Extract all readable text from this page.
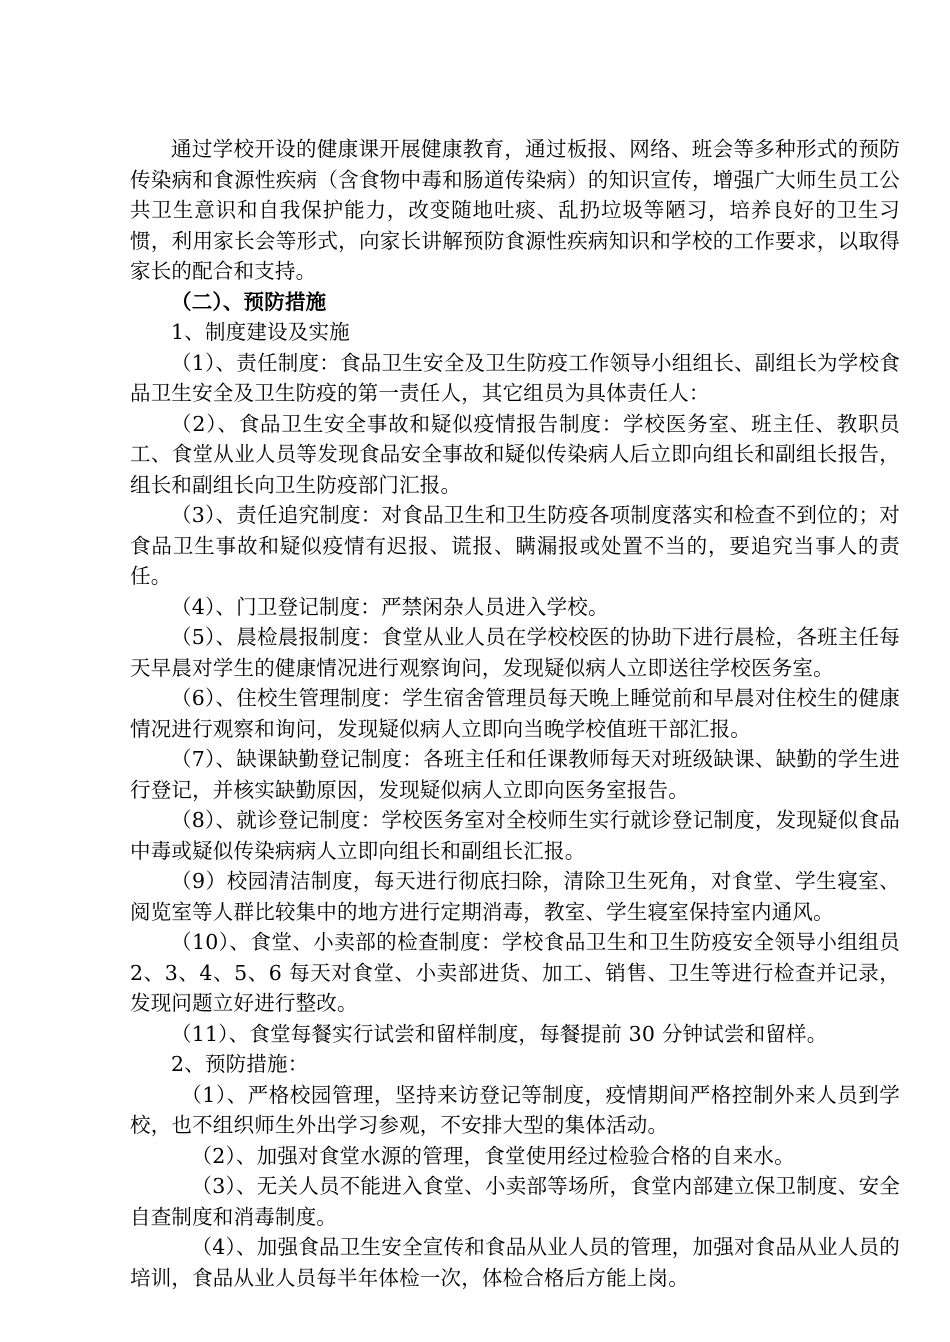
通过学校开设的健康课开展健康教育，通过板报、网络、班会等多种形式的预防传染病和食源性疾病（含食物中毒和肠道传染病）的知识宣传，增强广大师生员工公共卫生意识和自我保护能力，改变随地吐痰、乱扔垃圾等陋习，培养良好的卫生习惯，利用家长会等形式，向家长讲解预防食源性疾病知识和学校的工作要求，以取得家长的配合和支持。

（二）、预防措施

1、制度建设及实施

（1）、责任制度：食品卫生安全及卫生防疫工作领导小组组长、副组长为学校食品卫生安全及卫生防疫的第一责任人，其它组员为具体责任人：

（2）、食品卫生安全事故和疑似疫情报告制度：学校医务室、班主任、教职员工、食堂从业人员等发现食品安全事故和疑似传染病人后立即向组长和副组长报告，组长和副组长向卫生防疫部门汇报。

（3）、责任追究制度：对食品卫生和卫生防疫各项制度落实和检查不到位的；对食品卫生事故和疑似疫情有迟报、谎报、瞒漏报或处置不当的，要追究当事人的责任。

（4）、门卫登记制度：严禁闲杂人员进入学校。

（5）、晨检晨报制度：食堂从业人员在学校校医的协助下进行晨检，各班主任每天早晨对学生的健康情况进行观察询问，发现疑似病人立即送往学校医务室。

（6）、住校生管理制度：学生宿舍管理员每天晚上睡觉前和早晨对住校生的健康情况进行观察和询问，发现疑似病人立即向当晚学校值班干部汇报。

（7）、缺课缺勤登记制度：各班主任和任课教师每天对班级缺课、缺勤的学生进行登记，并核实缺勤原因，发现疑似病人立即向医务室报告。

（8）、就诊登记制度：学校医务室对全校师生实行就诊登记制度，发现疑似食品中毒或疑似传染病病人立即向组长和副组长汇报。

（9）校园清洁制度，每天进行彻底扫除，清除卫生死角，对食堂、学生寝室、阅览室等人群比较集中的地方进行定期消毒，教室、学生寝室保持室内通风。

（10）、食堂、小卖部的检查制度：学校食品卫生和卫生防疫安全领导小组组员 2、3、4、5、6 每天对食堂、小卖部进货、加工、销售、卫生等进行检查并记录，发现问题立好进行整改。

（11）、食堂每餐实行试尝和留样制度，每餐提前 30 分钟试尝和留样。

2、预防措施：

（1）、严格校园管理，坚持来访登记等制度，疫情期间严格控制外来人员到学校，也不组织师生外出学习参观，不安排大型的集体活动。

（2）、加强对食堂水源的管理，食堂使用经过检验合格的自来水。

（3）、无关人员不能进入食堂、小卖部等场所，食堂内部建立保卫制度、安全自查制度和消毒制度。

（4）、加强食品卫生安全宣传和食品从业人员的管理，加强对食品从业人员的培训，食品从业人员每半年体检一次，体检合格后方能上岗。
